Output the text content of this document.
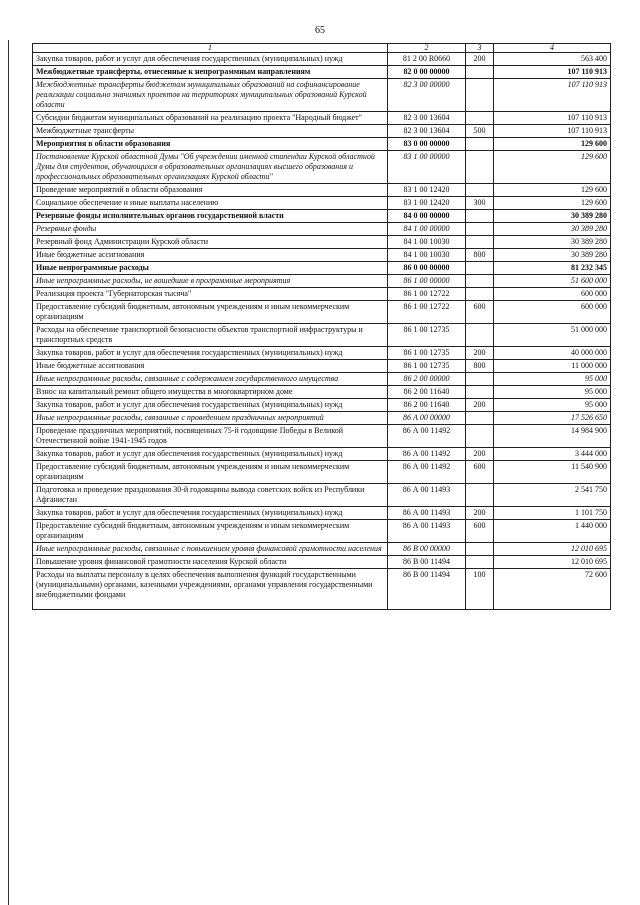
65
1	2	3	4
Закупка товаров, работ и услуг для обеспечения государственных (муниципальных) нужд	81 2 00 R0660	200	563 400
Межбюджетные трансферты, отнесенные к непрограммным направлениям	82 0 00 00000		107 110 913
Межбюджетные трансферты бюджетам муниципальных образований на софинансирование реализации социально значимых проектов на территориях муниципальных образований Курской области	82 3 00 00000		107 110 913
Субсидии бюджетам муниципальных образований на реализацию проекта "Народный бюджет"	82 3 00 13604		107 110 913
Межбюджетные трансферты	82 3 00 13604	500	107 110 913
Мероприятия в области образования	83 0 00 00000		129 600
Постановление Курской областной Думы "Об учреждении именной стипендии Курской областной Думы для студентов, обучающихся в образовательных организациях высшего образования и профессиональных образовательных организациях Курской области"	83 1 00 00000		129 600
Проведение мероприятий в области образования	83 1 00 12420		129 600
Социальное обеспечение и иные выплаты населению	83 1 00 12420	300	129 600
Резервные фонды исполнительных органов государственной власти	84 0 00 00000		30 389 280
Резервные фонды	84 1 00 00000		30 389 280
Резервный фонд Администрации Курской области	84 1 00 10030		30 389 280
Иные бюджетные ассигнования	84 1 00 10030	800	30 389 280
Иные непрограммные расходы	86 0 00 00000		81 232 345
Иные непрограммные расходы, не вошедшие в программные мероприятия	86 1 00 00000		51 600 000
Реализация проекта "Губернаторская тысяча"	86 1 00 12722		600 000
Предоставление субсидий бюджетным, автономным учреждениям и иным некоммерческим организациям	86 1 00 12722	600	600 000
Расходы на обеспечение транспортной безопасности объектов транспортной инфраструктуры и транспортных средств	86 1 00 12735		51 000 000
Закупка товаров, работ и услуг для обеспечения государственных (муниципальных) нужд	86 1 00 12735	200	40 000 000
Иные бюджетные ассигнования	86 1 00 12735	800	11 000 000
Иные непрограммные расходы, связанные с содержанием государственного имущества	86 2 00 00000		95 000
Взнос на капитальный ремонт общего имущества в многоквартирном доме	86 2 00 11640		95 000
Закупка товаров, работ и услуг для обеспечения государственных (муниципальных) нужд	86 2 00 11640	200	95 000
Иные непрограммные расходы, связанные с проведением праздничных мероприятий	86 А 00 00000		17 526 650
Проведение праздничных мероприятий, посвященных 75-й годовщине Победы в Великой Отечественной войне 1941-1945 годов	86 А 00 11492		14 984 900
Закупка товаров, работ и услуг для обеспечения государственных (муниципальных) нужд	86 А 00 11492	200	3 444 000
Предоставление субсидий бюджетным, автономным учреждениям и иным некоммерческим организациям	86 А 00 11492	600	11 540 900
Подготовка и проведение празднования 30-й годовщины вывода советских войск из Республики Афганистан	86 А 00 11493		2 541 750
Закупка товаров, работ и услуг для обеспечения государственных (муниципальных) нужд	86 А 00 11493	200	1 101 750
Предоставление субсидий бюджетным, автономным учреждениям и иным некоммерческим организациям	86 А 00 11493	600	1 440 000
Иные непрограммные расходы, связанные с повышением уровня финансовой грамотности населения	86 В 00 00000		12 010 695
Повышение уровня финансовой грамотности населения Курской области	86 В 00 11494		12 010 695
Расходы на выплаты персоналу в целях обеспечения выполнения функций государственными (муниципальными) органами, казенными учреждениями, органами управления государственными внебюджетными фондами	86 В 00 11494	100	72 600
